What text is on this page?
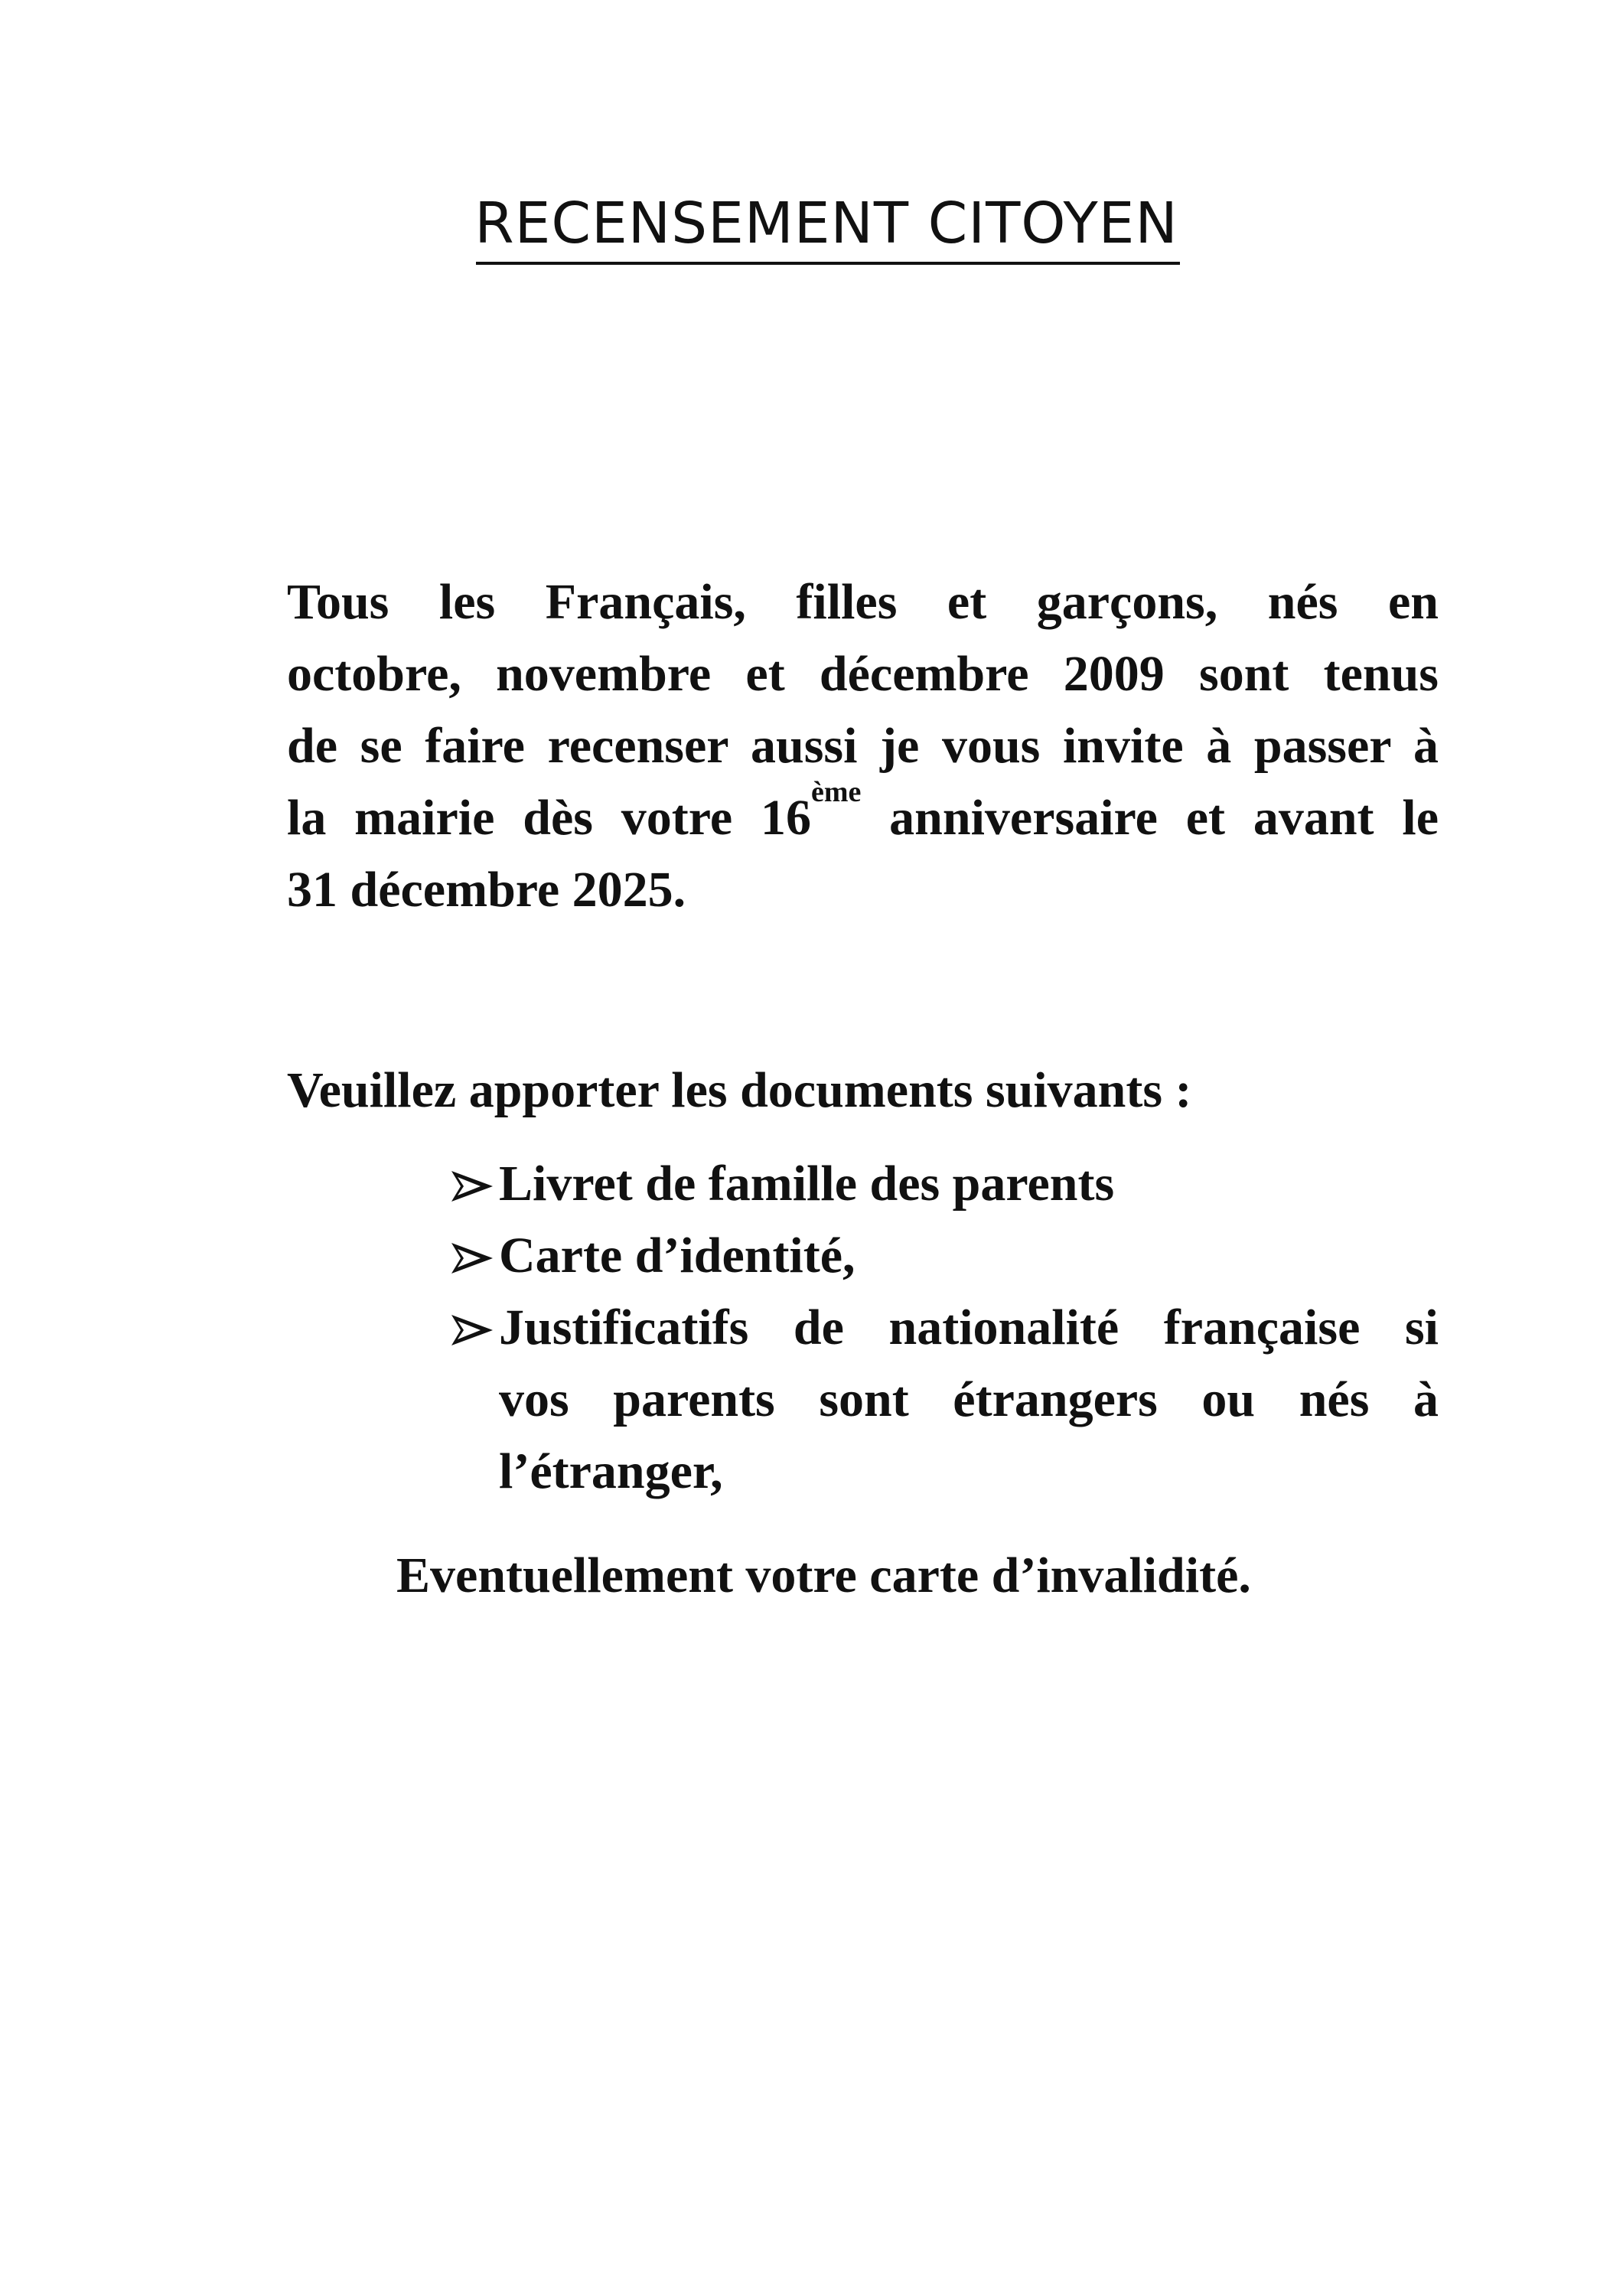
RECENSEMENT CITOYEN
Tous les Français, filles et garçons, nés en
octobre, novembre et décembre 2009 sont tenus
de se faire recenser aussi je vous invite à passer à
la mairie dès votre 16ème anniversaire et avant le
31 décembre 2025.
Veuillez apporter les documents suivants :
Livret de famille des parents
Carte d’identité,
Justificatifs de nationalité française si
vos parents sont étrangers ou nés à
l’étranger,
Eventuellement votre carte d’invalidité.
